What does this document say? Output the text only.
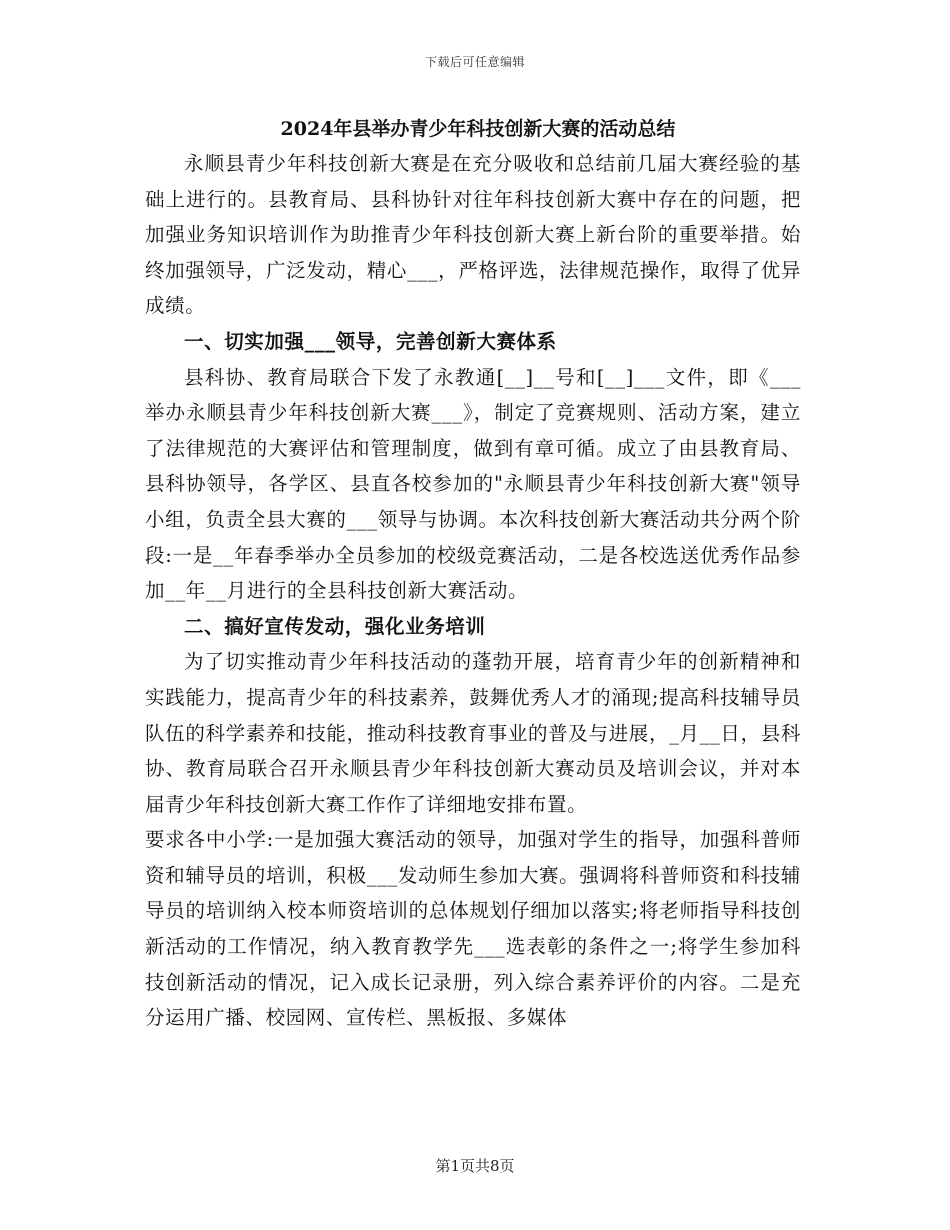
下载后可任意编辑
2024年县举办青少年科技创新大赛的活动总结

永顺县青少年科技创新大赛是在充分吸收和总结前几届大赛经验的基础上进行的。县教育局、县科协针对往年科技创新大赛中存在的问题，把加强业务知识培训作为助推青少年科技创新大赛上新台阶的重要举措。始终加强领导，广泛发动，精心___，严格评选，法律规范操作，取得了优异成绩。

一、切实加强___领导，完善创新大赛体系

县科协、教育局联合下发了永教通[__]__号和[__]___文件，即《___举办永顺县青少年科技创新大赛___》，制定了竞赛规则、活动方案，建立了法律规范的大赛评估和管理制度，做到有章可循。成立了由县教育局、县科协领导，各学区、县直各校参加的"永顺县青少年科技创新大赛"领导小组，负责全县大赛的___领导与协调。本次科技创新大赛活动共分两个阶段:一是__年春季举办全员参加的校级竞赛活动，二是各校选送优秀作品参加__年__月进行的全县科技创新大赛活动。

二、搞好宣传发动，强化业务培训

为了切实推动青少年科技活动的蓬勃开展，培育青少年的创新精神和实践能力，提高青少年的科技素养，鼓舞优秀人才的涌现;提高科技辅导员队伍的科学素养和技能，推动科技教育事业的普及与进展，_月__日，县科协、教育局联合召开永顺县青少年科技创新大赛动员及培训会议，并对本届青少年科技创新大赛工作作了详细地安排布置。

要求各中小学:一是加强大赛活动的领导，加强对学生的指导，加强科普师资和辅导员的培训，积极___发动师生参加大赛。强调将科普师资和科技辅导员的培训纳入校本师资培训的总体规划仔细加以落实;将老师指导科技创新活动的工作情况，纳入教育教学先___选表彰的条件之一;将学生参加科技创新活动的情况，记入成长记录册，列入综合素养评价的内容。二是充分运用广播、校园网、宣传栏、黑板报、多媒体

第1页共8页
